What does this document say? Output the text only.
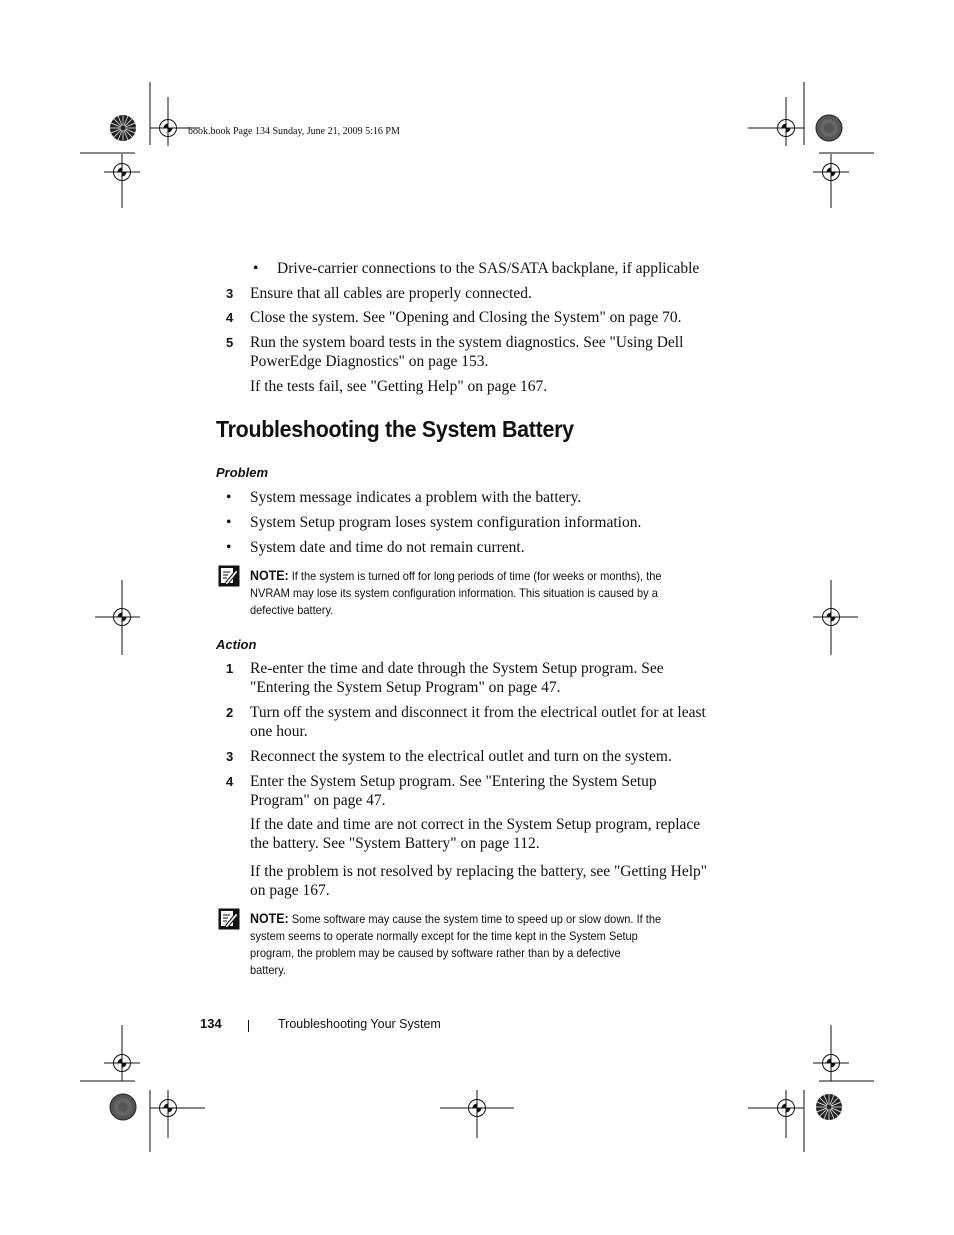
book.book Page 134 Sunday, June 21, 2009 5:16 PM
• Drive-carrier connections to the SAS/SATA backplane, if applicable
3 Ensure that all cables are properly connected.
4 Close the system. See "Opening and Closing the System" on page 70.
5 Run the system board tests in the system diagnostics. See "Using Dell
PowerEdge Diagnostics" on page 153.
If the tests fail, see "Getting Help" on page 167.
Troubleshooting the System Battery
Problem
• System message indicates a problem with the battery.
• System Setup program loses system configuration information.
• System date and time do not remain current.
NOTE: If the system is turned off for long periods of time (for weeks or months), the
NVRAM may lose its system configuration information. This situation is caused by a
defective battery.
Action
1 Re-enter the time and date through the System Setup program. See
"Entering the System Setup Program" on page 47.
2 Turn off the system and disconnect it from the electrical outlet for at least
one hour.
3 Reconnect the system to the electrical outlet and turn on the system.
4 Enter the System Setup program. See "Entering the System Setup
Program" on page 47.
If the date and time are not correct in the System Setup program, replace
the battery. See "System Battery" on page 112.
If the problem is not resolved by replacing the battery, see "Getting Help"
on page 167.
NOTE: Some software may cause the system time to speed up or slow down. If the
system seems to operate normally except for the time kept in the System Setup
program, the problem may be caused by software rather than by a defective
battery.
134	Troubleshooting Your System
